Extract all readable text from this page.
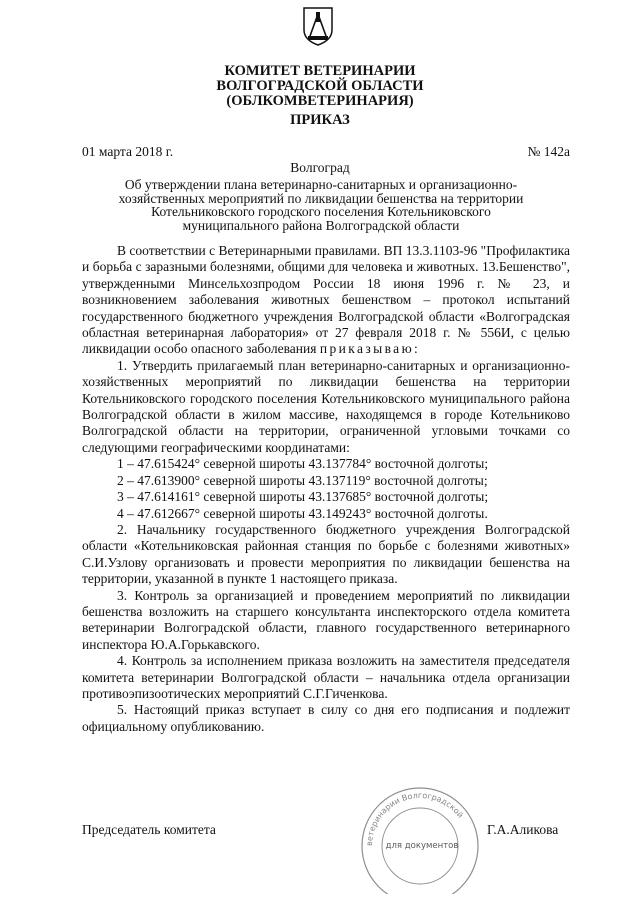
КОМИТЕТ ВЕТЕРИНАРИИ
ВОЛГОГРАДСКОЙ ОБЛАСТИ
(ОБЛКОМВЕТЕРИНАРИЯ)
ПРИКАЗ
01 марта 2018 г.	№ 142а
Волгоград
Об утверждении плана ветеринарно-санитарных и организационно-хозяйственных мероприятий по ликвидации бешенства на территории Котельниковского городского поселения Котельниковского муниципального района Волгоградской области

В соответствии с Ветеринарными правилами. ВП 13.3.1103-96 "Профилактика и борьба с заразными болезнями, общими для человека и животных. 13.Бешенство", утвержденными Минсельхозпродом России 18 июня 1996 г. № 23, и возникновением заболевания животных бешенством – протокол испытаний государственного бюджетного учреждения Волгоградской области «Волгоградская областная ветеринарная лаборатория» от 27 февраля 2018 г. № 556И, с целью ликвидации особо опасного заболевания приказываю:

1. Утвердить прилагаемый план ветеринарно-санитарных и организационно-хозяйственных мероприятий по ликвидации бешенства на территории Котельниковского городского поселения Котельниковского муниципального района Волгоградской области в жилом массиве, находящемся в городе Котельниково Волгоградской области на территории, ограниченной угловыми точками со следующими географическими координатами:

1 – 47.615424° северной широты 43.137784° восточной долготы;

2 – 47.613900° северной широты 43.137119° восточной долготы;

3 – 47.614161° северной широты 43.137685° восточной долготы;

4 – 47.612667° северной широты 43.149243° восточной долготы.

2. Начальнику государственного бюджетного учреждения Волгоградской области «Котельниковская районная станция по борьбе с болезнями животных» С.И.Узлову организовать и провести мероприятия по ликвидации бешенства на территории, указанной в пункте 1 настоящего приказа.

3. Контроль за организацией и проведением мероприятий по ликвидации бешенства возложить на старшего консультанта инспекторского отдела комитета ветеринарии Волгоградской области, главного государственного ветеринарного инспектора Ю.А.Горькавского.

4. Контроль за исполнением приказа возложить на заместителя председателя комитета ветеринарии Волгоградской области – начальника отдела организации противоэпизоотических мероприятий С.Г.Гиченкова.

5. Настоящий приказ вступает в силу со дня его подписания и подлежит официальному опубликованию.

Председатель комитета	Г.А.Аликова
ветеринарии Волгоградской
для документов
